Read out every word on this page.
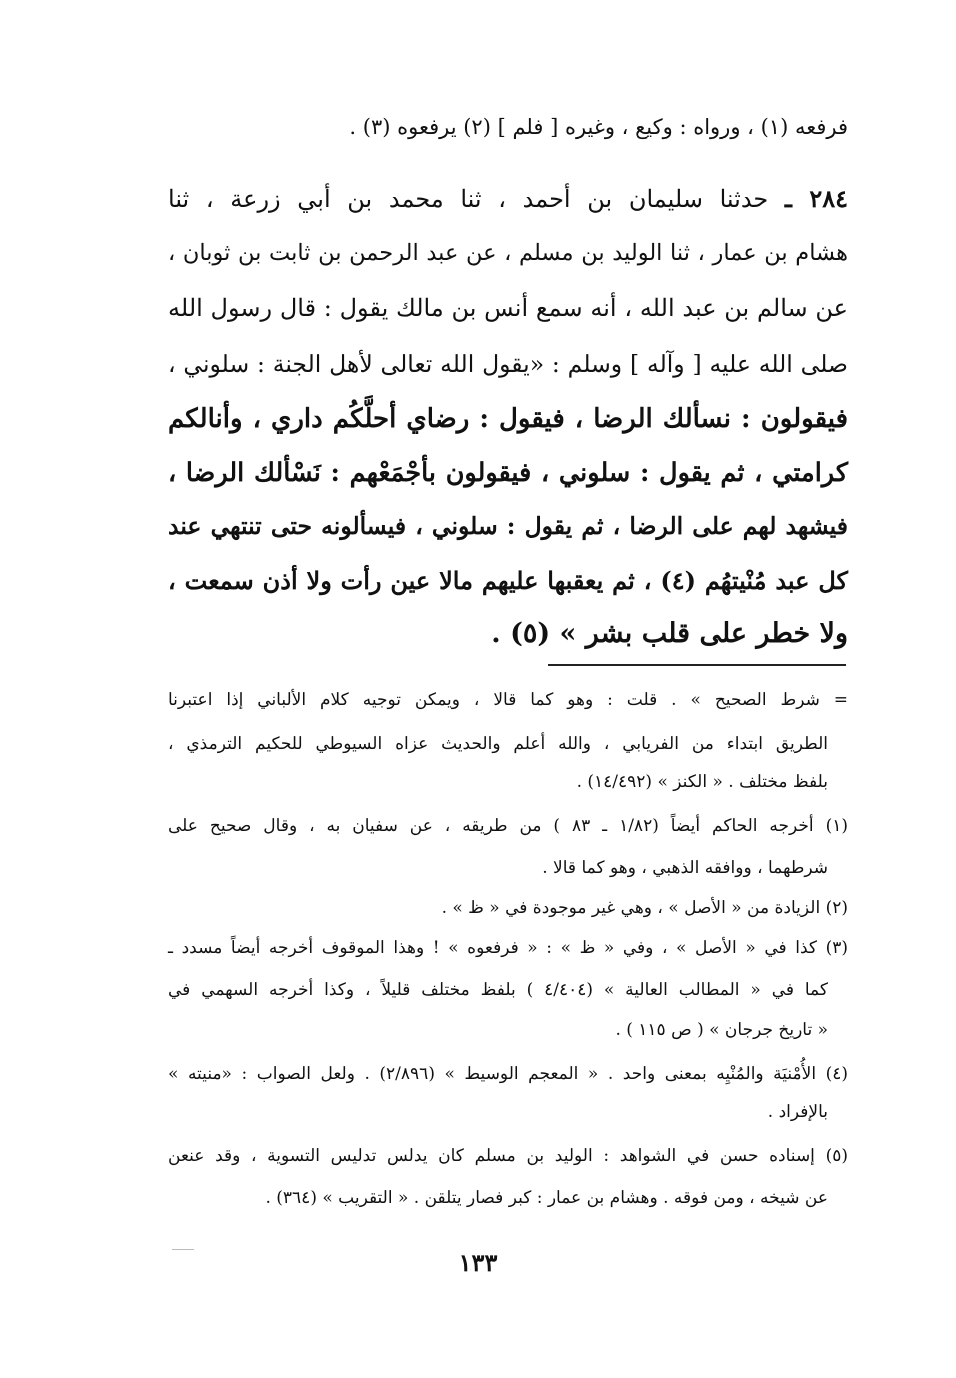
فرفعه (١) ، ورواه : وكيع ، وغيره [ فلم ] (٢) يرفعوه (٣) .
٢٨٤ ـ حدثنا سليمان بن أحمد ، ثنا محمد بن أبي زرعة ، ثنا
هشام بن عمار ، ثنا الوليد بن مسلم ، عن عبد الرحمن بن ثابت بن ثوبان ،
عن سالم بن عبد الله ، أنه سمع أنس بن مالك يقول : قال رسول الله
صلى الله عليه [ وآله ] وسلم : «يقول الله تعالى لأهل الجنة : سلوني ،
فيقولون : نسألك الرضا ، فيقول : رضاي أحلَّكُم داري ، وأنالكم
كرامتي ، ثم يقول : سلوني ، فيقولون بأجْمَعْهم : نَسْألك الرضا ،
فيشهد لهم على الرضا ، ثم يقول : سلوني ، فيسألونه حتى تنتهي عند
كل عبد مُنْيتهُم (٤) ، ثم يعقبها عليهم مالا عين رأت ولا أذن سمعت ،
ولا خطر على قلب بشر » (٥) .
= شرط الصحيح » . قلت : وهو كما قالا ، ويمكن توجيه كلام الألباني إذا اعتبرنا
الطريق ابتداء من الفريابي ، والله أعلم والحديث عزاه السيوطي للحكيم الترمذي ،
بلفظ مختلف . « الكنز » (١٤/٤٩٢) .
(١) أخرجه الحاكم أيضاً (١/٨٢ ـ ٨٣ ) من طريقه ، عن سفيان به ، وقال صحيح على
شرطهما ، ووافقه الذهبي ، وهو كما قالا .
(٢) الزيادة من « الأصل » ، وهي غير موجودة في « ظ » .
(٣) كذا في « الأصل » ، وفي « ظ » : « فرفعوه » ! وهذا الموقوف أخرجه أيضاً مسدد ـ
كما في « المطالب العالية » (٤/٤٠٤ ) بلفظ مختلف قليلاً ، وكذا أخرجه السهمي في
« تاريخ جرجان » ( ص ١١٥ ) .
(٤) الأُمْنيَة والمُنْيِه بمعنى واحد . « المعجم الوسيط » (٢/٨٩٦) . ولعل الصواب : «منيته »
بالإفراد .
(٥) إسناده حسن في الشواهد : الوليد بن مسلم كان يدلس تدليس التسوية ، وقد عنعن
عن شيخه ، ومن فوقه . وهشام بن عمار : كبر فصار يتلقن . « التقريب » (٣٦٤) .
١٣٣
